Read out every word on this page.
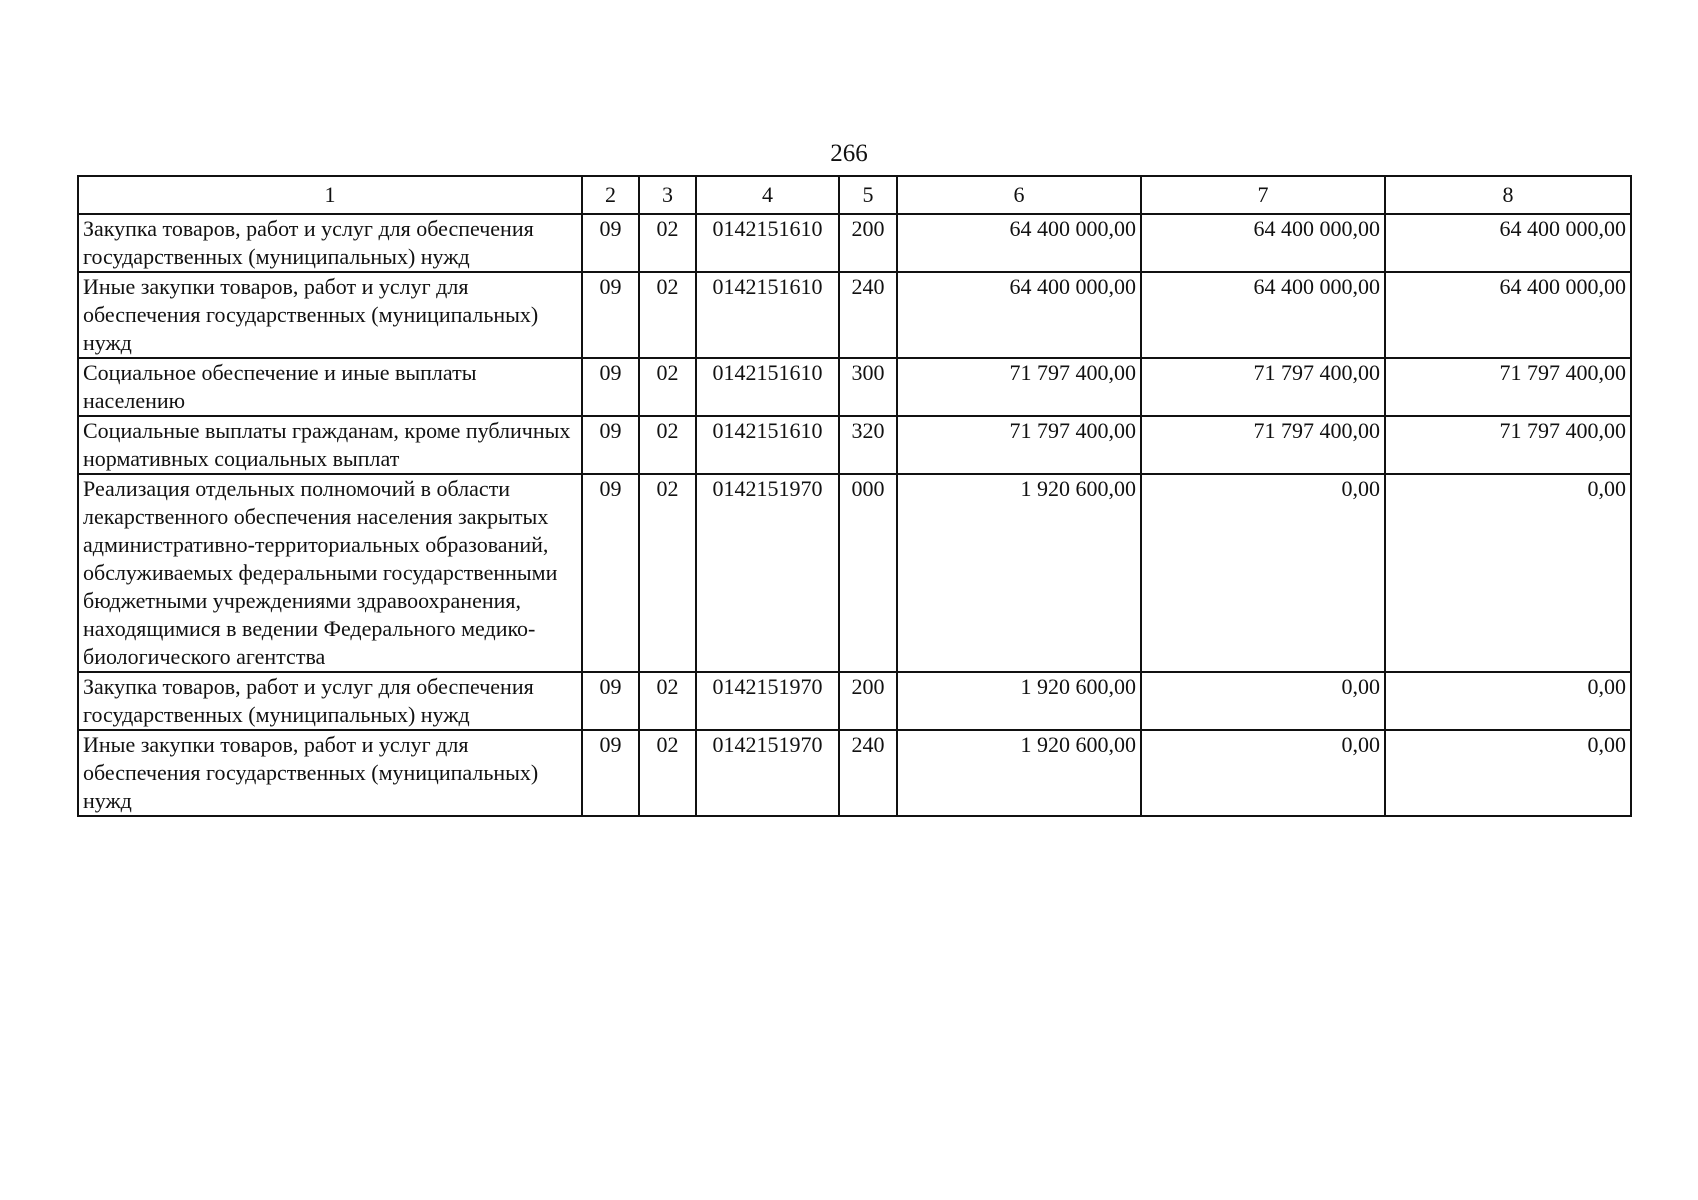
266
1	2	3	4	5	6	7	8
Закупка товаров, работ и услуг для обеспечения государственных (муниципальных) нужд	09	02	0142151610	200	64 400 000,00	64 400 000,00	64 400 000,00
Иные закупки товаров, работ и услуг для обеспечения государственных (муниципальных) нужд	09	02	0142151610	240	64 400 000,00	64 400 000,00	64 400 000,00
Социальное обеспечение и иные выплаты населению	09	02	0142151610	300	71 797 400,00	71 797 400,00	71 797 400,00
Социальные выплаты гражданам, кроме публичных нормативных социальных выплат	09	02	0142151610	320	71 797 400,00	71 797 400,00	71 797 400,00
Реализация отдельных полномочий в области лекарственного обеспечения населения закрытых административно-территориальных образований, обслуживаемых федеральными государственными бюджетными учреждениями здравоохранения, находящимися в ведении Федерального медико-биологического агентства	09	02	0142151970	000	1 920 600,00	0,00	0,00
Закупка товаров, работ и услуг для обеспечения государственных (муниципальных) нужд	09	02	0142151970	200	1 920 600,00	0,00	0,00
Иные закупки товаров, работ и услуг для обеспечения государственных (муниципальных) нужд	09	02	0142151970	240	1 920 600,00	0,00	0,00
